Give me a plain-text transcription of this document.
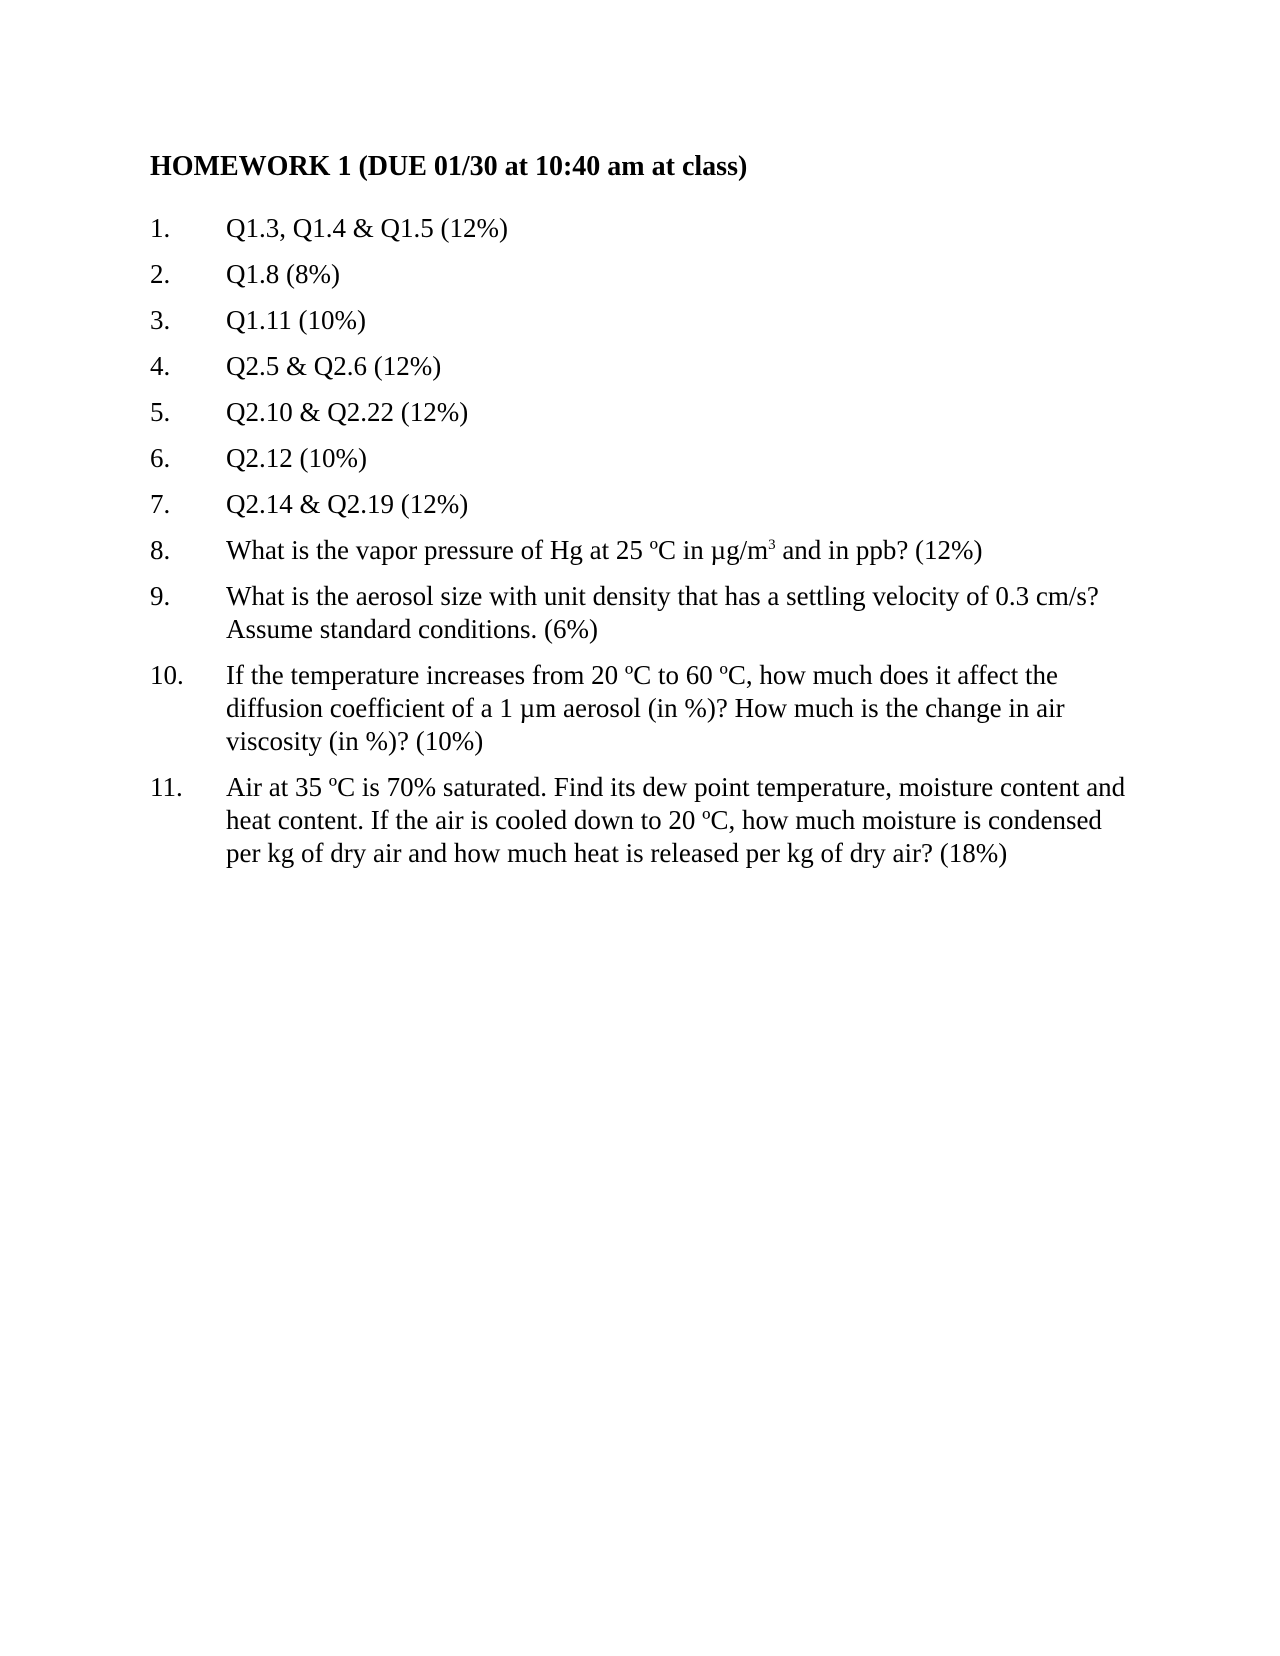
HOMEWORK 1 (DUE 01/30 at 10:40 am at class)
1.	Q1.3, Q1.4 & Q1.5 (12%)
2.	Q1.8 (8%)
3.	Q1.11 (10%)
4.	Q2.5 & Q2.6 (12%)
5.	Q2.10 & Q2.22 (12%)
6.	Q2.12 (10%)
7.	Q2.14 & Q2.19 (12%)
8.	What is the vapor pressure of Hg at 25 ºC in $\mu g/m^3$ and in ppb? (12%)
9.	What is the aerosol size with unit density that has a settling velocity of 0.3 cm/s? Assume standard conditions. (6%)
10.	If the temperature increases from 20 ºC to 60 ºC, how much does it affect the diffusion coefficient of a 1 µm aerosol (in %)? How much is the change in air viscosity (in %)? (10%)
11.	Air at 35 ºC is 70% saturated. Find its dew point temperature, moisture content and heat content. If the air is cooled down to 20 ºC, how much moisture is condensed per kg of dry air and how much heat is released per kg of dry air? (18%)
